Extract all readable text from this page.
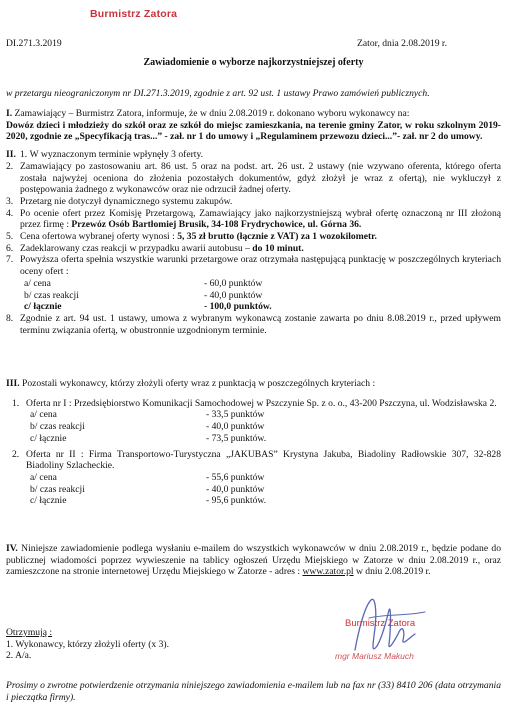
Burmistrz Zatora
DI.271.3.2019	Zator, dnia 2.08.2019 r.
Zawiadomienie o wyborze najkorzystniejszej oferty
w przetargu nieograniczonym nr DI.271.3.2019, zgodnie z art. 92 ust. 1 ustawy Prawo zamówień publicznych.

I. Zamawiający – Burmistrz Zatora, informuje, że w dniu 2.08.2019 r. dokonano wyboru wykonawcy na:
Dowóz dzieci i młodzieży do szkół oraz ze szkół do miejsc zamieszkania, na terenie gminy Zator, w roku szkolnym 2019-2020, zgodnie ze „Specyfikacją tras...” - zał. nr 1 do umowy i „Regulaminem przewozu dzieci...”- zał. nr 2 do umowy.

II. 1.
W wyznaczonym terminie wpłynęły 3 oferty.
2. Zamawiający po zastosowaniu art. 86 ust. 5 oraz na podst. art. 26 ust. 2 ustawy (nie wzywano oferenta, którego oferta została najwyżej oceniona do złożenia pozostałych dokumentów, gdyż złożył je wraz z ofertą), nie wykluczył z postępowania żadnego z wykonawców oraz nie odrzucił żadnej oferty.
3. Przetarg nie dotyczył dynamicznego systemu zakupów.
4. Po ocenie ofert przez Komisję Przetargową, Zamawiający jako najkorzystniejszą wybrał ofertę oznaczoną nr III złożoną przez firmę : Przewóz Osób Bartłomiej Brusik, 34-108 Frydrychowice, ul. Górna 36.
5. Cena ofertowa wybranej oferty wynosi : 5, 35 zł brutto (łącznie z VAT) za 1 wozokilometr.
6. Zadeklarowany czas reakcji w przypadku awarii autobusu – do 10 minut.
7. Powyższa oferta spełnia wszystkie warunki przetargowe oraz otrzymała następującą punktację w poszczególnych kryteriach oceny ofert :
a/ cena	- 60,0 punktów
b/ czas reakcji	- 40,0 punktów
c/ łącznie	- 100,0 punktów.
8. Zgodnie z art. 94 ust. 1 ustawy, umowa z wybranym wykonawcą zostanie zawarta po dniu 8.08.2019 r., przed upływem terminu związania ofertą, w obustronnie uzgodnionym terminie.

III. Pozostali wykonawcy, którzy złożyli oferty wraz z punktacją w poszczególnych kryteriach :

1. Oferta nr I : Przedsiębiorstwo Komunikacji Samochodowej w Pszczynie Sp. z o. o., 43-200 Pszczyna, ul. Wodzisławska 2.
a/ cena	- 33,5 punktów
b/ czas reakcji	- 40,0 punktów
c/ łącznie	- 73,5 punktów.
2. Oferta nr II : Firma Transportowo-Turystyczna „JAKUBAS” Krystyna Jakuba, Biadoliny Radłowskie 307, 32-828 Biadoliny Szlacheckie.
a/ cena	- 55,6 punktów
b/ czas reakcji	- 40,0 punktów
c/ łącznie	- 95,6 punktów.
IV. Niniejsze zawiadomienie podlega wysłaniu e-mailem do wszystkich wykonawców w dniu 2.08.2019 r., będzie podane do publicznej wiadomości poprzez wywieszenie na tablicy ogłoszeń Urzędu Miejskiego w Zatorze w dniu 2.08.2019 r., oraz zamieszczone na stronie internetowej Urzędu Miejskiego w Zatorze - adres : www.zator.pl w dniu 2.08.2019 r.
Burmistrz Zatora
mgr Mariusz Makuch
Otrzymują :
1. Wykonawcy, którzy złożyli oferty (x 3).
2. A/a.
Prosimy o zwrotne potwierdzenie otrzymania niniejszego zawiadomienia e-mailem lub na fax nr (33) 8410 206 (data otrzymania i pieczątka firmy).
